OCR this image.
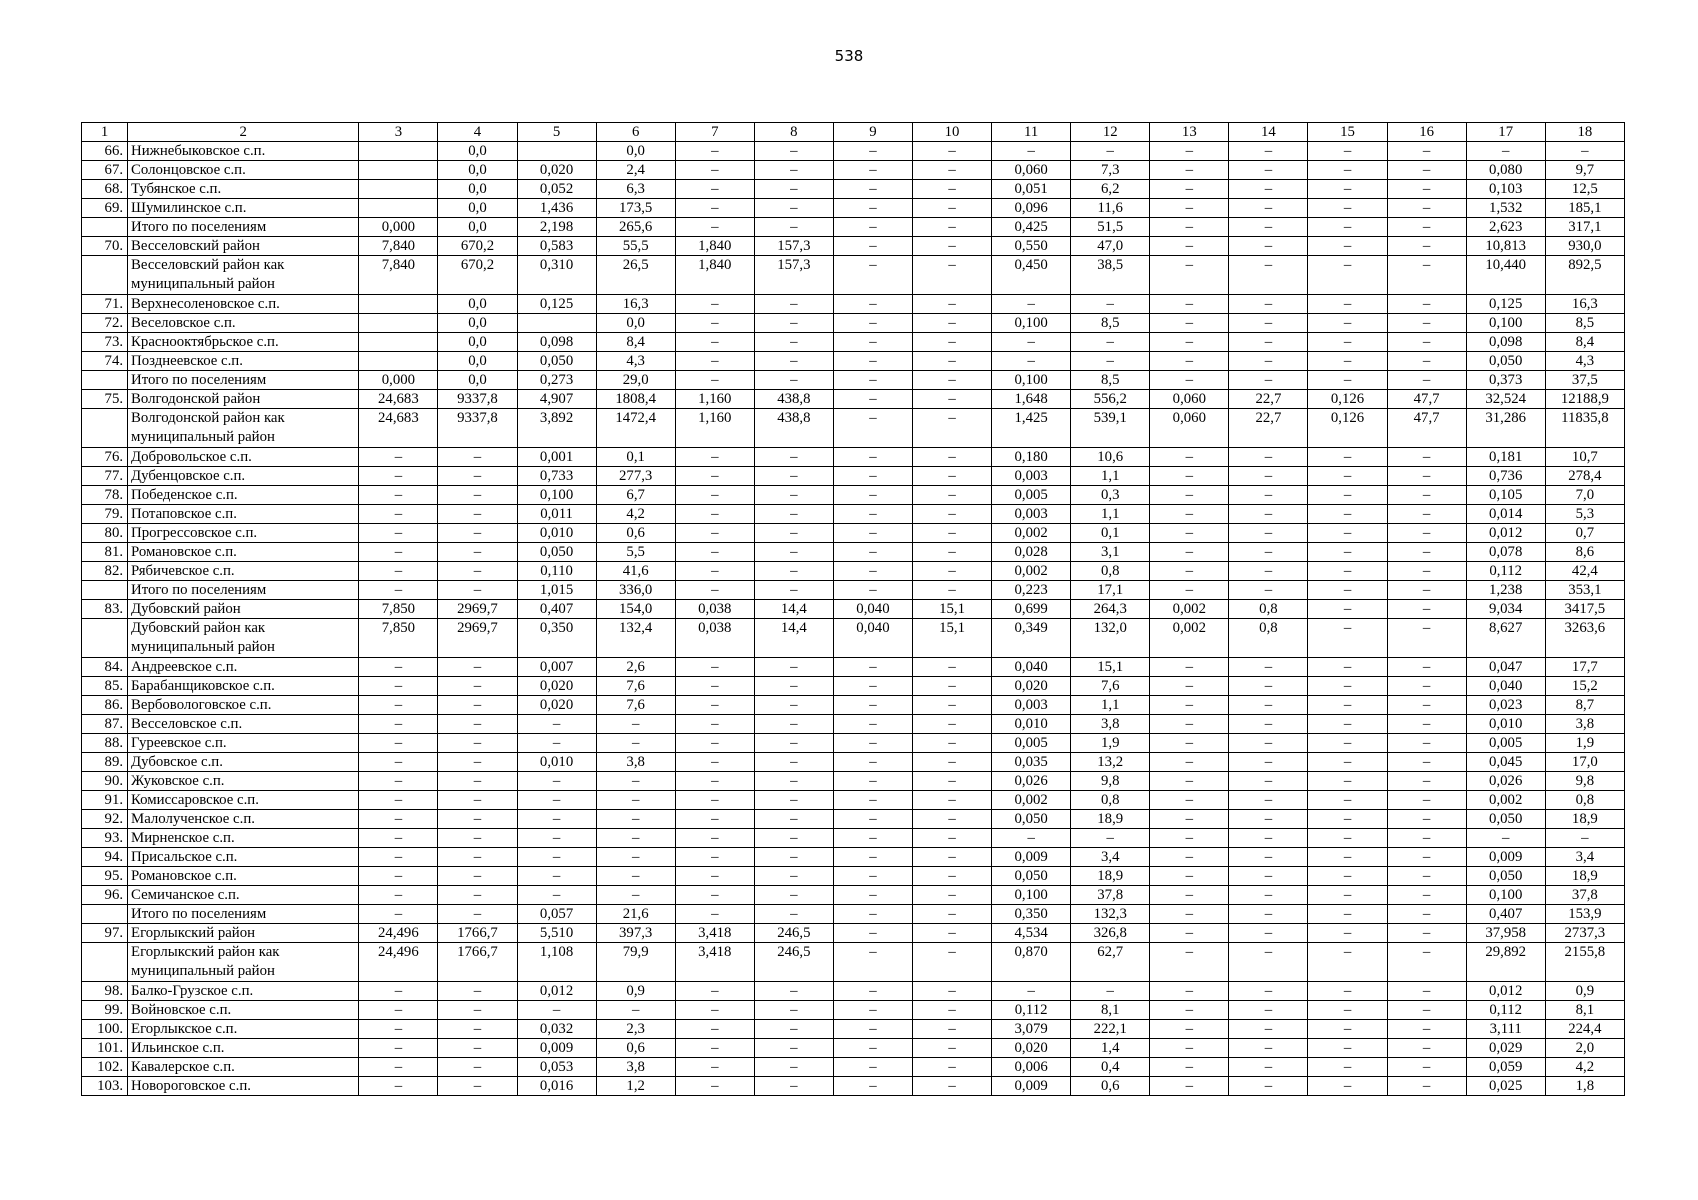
538
1	2	3	4	5	6	7	8	9	10	11	12	13	14	15	16	17	18
66.	Нижнебыковское с.п.		0,0		0,0	–	–	–	–	–	–	–	–	–	–	–	–
67.	Солонцовское с.п.		0,0	0,020	2,4	–	–	–	–	0,060	7,3	–	–	–	–	0,080	9,7
68.	Тубянское с.п.		0,0	0,052	6,3	–	–	–	–	0,051	6,2	–	–	–	–	0,103	12,5
69.	Шумилинское с.п.		0,0	1,436	173,5	–	–	–	–	0,096	11,6	–	–	–	–	1,532	185,1
	Итого по поселениям	0,000	0,0	2,198	265,6	–	–	–	–	0,425	51,5	–	–	–	–	2,623	317,1
70.	Весселовский район	7,840	670,2	0,583	55,5	1,840	157,3	–	–	0,550	47,0	–	–	–	–	10,813	930,0
	Весселовский район как муниципальный район	7,840	670,2	0,310	26,5	1,840	157,3	–	–	0,450	38,5	–	–	–	–	10,440	892,5
71.	Верхнесоленовское с.п.		0,0	0,125	16,3	–	–	–	–	–	–	–	–	–	–	0,125	16,3
72.	Веселовское с.п.		0,0		0,0	–	–	–	–	0,100	8,5	–	–	–	–	0,100	8,5
73.	Краснооктябрьское с.п.		0,0	0,098	8,4	–	–	–	–	–	–	–	–	–	–	0,098	8,4
74.	Позднеевское с.п.		0,0	0,050	4,3	–	–	–	–	–	–	–	–	–	–	0,050	4,3
	Итого по поселениям	0,000	0,0	0,273	29,0	–	–	–	–	0,100	8,5	–	–	–	–	0,373	37,5
75.	Волгодонской район	24,683	9337,8	4,907	1808,4	1,160	438,8	–	–	1,648	556,2	0,060	22,7	0,126	47,7	32,524	12188,9
	Волгодонской район как муниципальный район	24,683	9337,8	3,892	1472,4	1,160	438,8	–	–	1,425	539,1	0,060	22,7	0,126	47,7	31,286	11835,8
76.	Добровольское с.п.	–	–	0,001	0,1	–	–	–	–	0,180	10,6	–	–	–	–	0,181	10,7
77.	Дубенцовское с.п.	–	–	0,733	277,3	–	–	–	–	0,003	1,1	–	–	–	–	0,736	278,4
78.	Победенское с.п.	–	–	0,100	6,7	–	–	–	–	0,005	0,3	–	–	–	–	0,105	7,0
79.	Потаповское с.п.	–	–	0,011	4,2	–	–	–	–	0,003	1,1	–	–	–	–	0,014	5,3
80.	Прогрессовское с.п.	–	–	0,010	0,6	–	–	–	–	0,002	0,1	–	–	–	–	0,012	0,7
81.	Романовское с.п.	–	–	0,050	5,5	–	–	–	–	0,028	3,1	–	–	–	–	0,078	8,6
82.	Рябичевское с.п.	–	–	0,110	41,6	–	–	–	–	0,002	0,8	–	–	–	–	0,112	42,4
	Итого по поселениям	–	–	1,015	336,0	–	–	–	–	0,223	17,1	–	–	–	–	1,238	353,1
83.	Дубовский район	7,850	2969,7	0,407	154,0	0,038	14,4	0,040	15,1	0,699	264,3	0,002	0,8	–	–	9,034	3417,5
	Дубовский район как муниципальный район	7,850	2969,7	0,350	132,4	0,038	14,4	0,040	15,1	0,349	132,0	0,002	0,8	–	–	8,627	3263,6
84.	Андреевское с.п.	–	–	0,007	2,6	–	–	–	–	0,040	15,1	–	–	–	–	0,047	17,7
85.	Барабанщиковское с.п.	–	–	0,020	7,6	–	–	–	–	0,020	7,6	–	–	–	–	0,040	15,2
86.	Вербовологовское с.п.	–	–	0,020	7,6	–	–	–	–	0,003	1,1	–	–	–	–	0,023	8,7
87.	Весселовское с.п.	–	–	–	–	–	–	–	–	0,010	3,8	–	–	–	–	0,010	3,8
88.	Гуреевское с.п.	–	–	–	–	–	–	–	–	0,005	1,9	–	–	–	–	0,005	1,9
89.	Дубовское с.п.	–	–	0,010	3,8	–	–	–	–	0,035	13,2	–	–	–	–	0,045	17,0
90.	Жуковское с.п.	–	–	–	–	–	–	–	–	0,026	9,8	–	–	–	–	0,026	9,8
91.	Комиссаровское с.п.	–	–	–	–	–	–	–	–	0,002	0,8	–	–	–	–	0,002	0,8
92.	Малолученское с.п.	–	–	–	–	–	–	–	–	0,050	18,9	–	–	–	–	0,050	18,9
93.	Мирненское с.п.	–	–	–	–	–	–	–	–	–	–	–	–	–	–	–	–
94.	Присальское с.п.	–	–	–	–	–	–	–	–	0,009	3,4	–	–	–	–	0,009	3,4
95.	Романовское с.п.	–	–	–	–	–	–	–	–	0,050	18,9	–	–	–	–	0,050	18,9
96.	Семичанское с.п.	–	–	–	–	–	–	–	–	0,100	37,8	–	–	–	–	0,100	37,8
	Итого по поселениям	–	–	0,057	21,6	–	–	–	–	0,350	132,3	–	–	–	–	0,407	153,9
97.	Егорлыкский район	24,496	1766,7	5,510	397,3	3,418	246,5	–	–	4,534	326,8	–	–	–	–	37,958	2737,3
	Егорлыкский район как муниципальный район	24,496	1766,7	1,108	79,9	3,418	246,5	–	–	0,870	62,7	–	–	–	–	29,892	2155,8
98.	Балко-Грузское с.п.	–	–	0,012	0,9	–	–	–	–	–	–	–	–	–	–	0,012	0,9
99.	Войновское с.п.	–	–	–	–	–	–	–	–	0,112	8,1	–	–	–	–	0,112	8,1
100.	Егорлыкское с.п.	–	–	0,032	2,3	–	–	–	–	3,079	222,1	–	–	–	–	3,111	224,4
101.	Ильинское с.п.	–	–	0,009	0,6	–	–	–	–	0,020	1,4	–	–	–	–	0,029	2,0
102.	Кавалерское с.п.	–	–	0,053	3,8	–	–	–	–	0,006	0,4	–	–	–	–	0,059	4,2
103.	Новороговское с.п.	–	–	0,016	1,2	–	–	–	–	0,009	0,6	–	–	–	–	0,025	1,8
